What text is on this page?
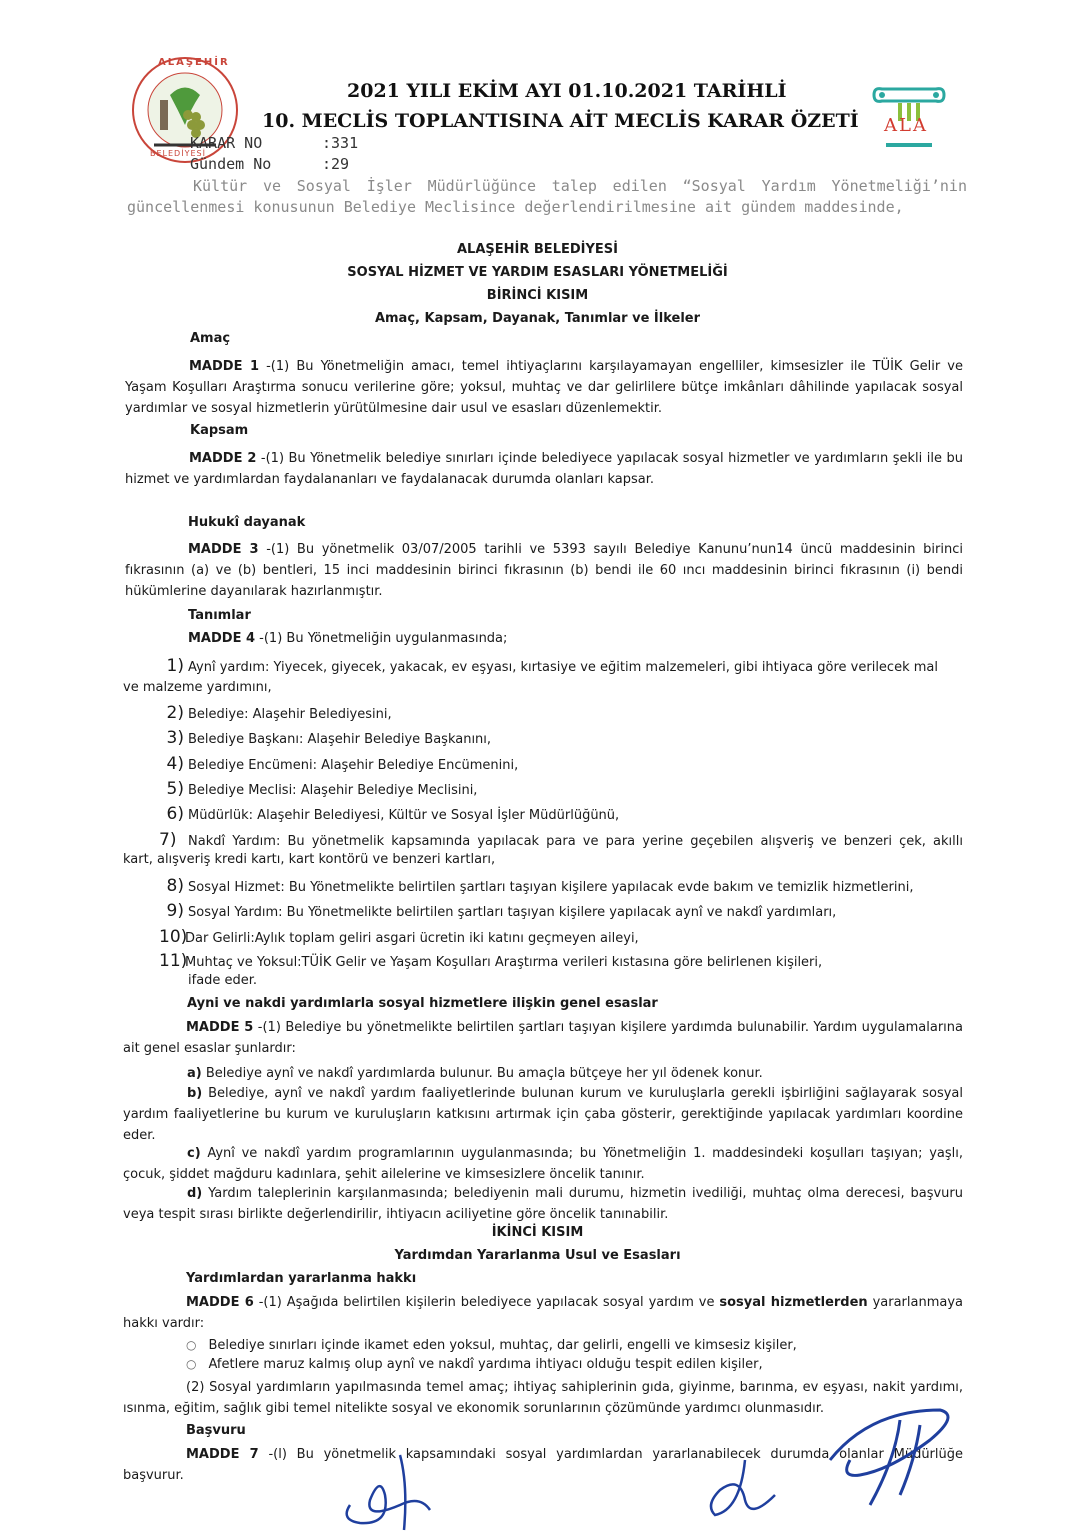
ALAŞEHİR
BELEDİYESİ
ALA
2021 YILI EKİM AYI 01.10.2021 TARİHLİ
10. MECLİS TOPLANTISINA AİT MECLİS KARAR ÖZETİ
KARAR NO	:331
Gündem No	:29
Kültür ve Sosyal İşler Müdürlüğünce talep edilen “Sosyal Yardım Yönetmeliği’nin güncellenmesi konusunun Belediye Meclisince değerlendirilmesine ait gündem maddesinde,
ALAŞEHİR BELEDİYESİ
SOSYAL HİZMET VE YARDIM ESASLARI YÖNETMELİĞİ
BİRİNCİ KISIM
Amaç, Kapsam, Dayanak, Tanımlar ve İlkeler
Amaç
MADDE 1 -(1) Bu Yönetmeliğin amacı, temel ihtiyaçlarını karşılayamayan engelliler, kimsesizler ile TÜİK Gelir ve Yaşam Koşulları Araştırma sonucu verilerine göre; yoksul, muhtaç ve dar gelirlilere bütçe imkânları dâhilinde yapılacak sosyal yardımlar ve sosyal hizmetlerin yürütülmesine dair usul ve esasları düzenlemektir.
Kapsam
MADDE 2 -(1) Bu Yönetmelik belediye sınırları içinde belediyece yapılacak sosyal hizmetler ve yardımların şekli ile bu hizmet ve yardımlardan faydalananları ve faydalanacak durumda olanları kapsar.
Hukukî dayanak
MADDE 3 -(1) Bu yönetmelik 03/07/2005 tarihli ve 5393 sayılı Belediye Kanunu’nun14 üncü maddesinin birinci fıkrasının (a) ve (b) bentleri, 15 inci maddesinin birinci fıkrasının (b) bendi ile 60 ıncı maddesinin birinci fıkrasının (i) bendi hükümlerine dayanılarak hazırlanmıştır.
Tanımlar
MADDE 4 -(1) Bu Yönetmeliğin uygulanmasında;
1) Aynî yardım: Yiyecek, giyecek, yakacak, ev eşyası, kırtasiye ve eğitim malzemeleri, gibi ihtiyaca göre verilecek mal
ve malzeme yardımını,
2) Belediye: Alaşehir Belediyesini,
3) Belediye Başkanı: Alaşehir Belediye Başkanını,
4) Belediye Encümeni: Alaşehir Belediye Encümenini,
5) Belediye Meclisi: Alaşehir Belediye Meclisini,
6) Müdürlük: Alaşehir Belediyesi, Kültür ve Sosyal İşler Müdürlüğünü,
7) Nakdî Yardım: Bu yönetmelik kapsamında yapılacak para ve para yerine geçebilen alışveriş ve benzeri çek, akıllı
kart, alışveriş kredi kartı, kart kontörü ve benzeri kartları,
8) Sosyal Hizmet: Bu Yönetmelikte belirtilen şartları taşıyan kişilere yapılacak evde bakım ve temizlik hizmetlerini,
9) Sosyal Yardım: Bu Yönetmelikte belirtilen şartları taşıyan kişilere yapılacak aynî ve nakdî yardımları,
10)Dar Gelirli:Aylık toplam geliri asgari ücretin iki katını geçmeyen aileyi,
11)Muhtaç ve Yoksul:TÜİK Gelir ve Yaşam Koşulları Araştırma verileri kıstasına göre belirlenen kişileri,
ifade eder.
Ayni ve nakdi yardımlarla sosyal hizmetlere ilişkin genel esaslar
MADDE 5 -(1) Belediye bu yönetmelikte belirtilen şartları taşıyan kişilere yardımda bulunabilir. Yardım uygulamalarına ait genel esaslar şunlardır:
a) Belediye aynî ve nakdî yardımlarda bulunur. Bu amaçla bütçeye her yıl ödenek konur.
b) Belediye, aynî ve nakdî yardım faaliyetlerinde bulunan kurum ve kuruluşlarla gerekli işbirliğini sağlayarak sosyal yardım faaliyetlerine bu kurum ve kuruluşların katkısını artırmak için çaba gösterir, gerektiğinde yapılacak yardımları koordine eder.
c) Aynî ve nakdî yardım programlarının uygulanmasında; bu Yönetmeliğin 1. maddesindeki koşulları taşıyan; yaşlı, çocuk, şiddet mağduru kadınlara, şehit ailelerine ve kimsesizlere öncelik tanınır.
d) Yardım taleplerinin karşılanmasında; belediyenin mali durumu, hizmetin ivediliği, muhtaç olma derecesi, başvuru veya tespit sırası birlikte değerlendirilir, ihtiyacın aciliyetine göre öncelik tanınabilir.
İKİNCİ KISIM
Yardımdan Yararlanma Usul ve Esasları
Yardımlardan yararlanma hakkı
MADDE 6 -(1) Aşağıda belirtilen kişilerin belediyece yapılacak sosyal yardım ve sosyal hizmetlerden yararlanmaya hakkı vardır:
○ Belediye sınırları içinde ikamet eden yoksul, muhtaç, dar gelirli, engelli ve kimsesiz kişiler,
○ Afetlere maruz kalmış olup aynî ve nakdî yardıma ihtiyacı olduğu tespit edilen kişiler,
(2) Sosyal yardımların yapılmasında temel amaç; ihtiyaç sahiplerinin gıda, giyinme, barınma, ev eşyası, nakit yardımı, ısınma, eğitim, sağlık gibi temel nitelikte sosyal ve ekonomik sorunlarının çözümünde yardımcı olunmasıdır.
Başvuru
MADDE 7 -(l) Bu yönetmelik kapsamındaki sosyal yardımlardan yararlanabilecek durumda olanlar Müdürlüğe başvurur.
